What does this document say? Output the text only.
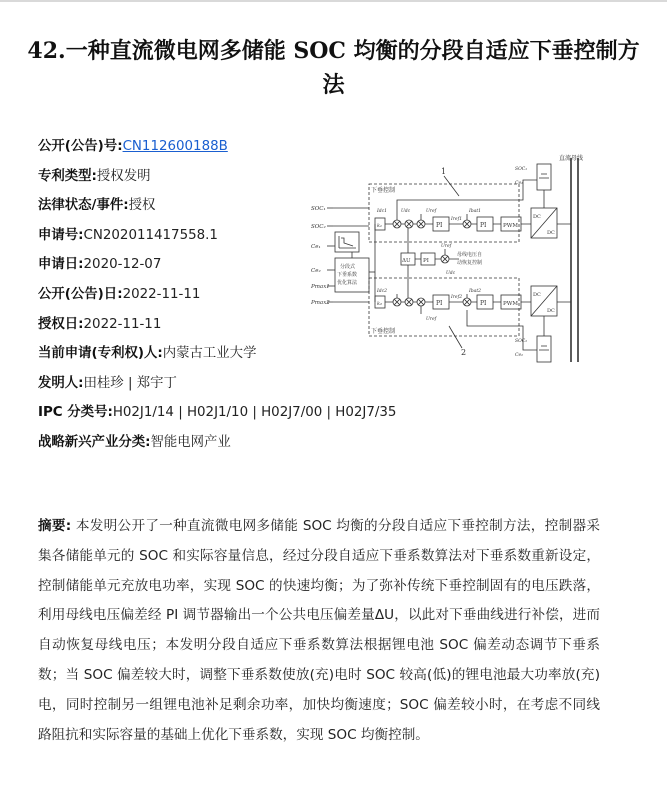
42.一种直流微电网多储能 SOC 均衡的分段自适应下垂控制方法
公开(公告)号:CN112600188B
专利类型:授权发明
法律状态/事件:授权
申请号:CN202011417558.1
申请日:2020-12-07
公开(公告)日:2022-11-11
授权日:2022-11-11
当前申请(专利权)人:内蒙古工业大学
发明人:田桂珍 | 郑宇丁
IPC 分类号:H02J1/14 | H02J1/10 | H02J7/00 | H02J7/35
战略新兴产业分类:智能电网产业
直流母线
下垂控制
下垂控制
1
2
SOC₁
SOC₂
Ce₁
Ce₂
Pmax1
Pmax2
分段式
下垂系数
优化算法
k₁	PI	PI	PWM
Idc1	Udc	Uref
Iref1
Ibat1
k₂	PI	PI	PWM
Idc2
Uref
Iref2
Ibat2
ΔU PI
Uref
母线电压自
动恢复控制
Udc
DC
DC
DC
DC
SOC₁
Ce₁
SOC₂
Ce₂
摘要: 本发明公开了一种直流微电网多储能 SOC 均衡的分段自适应下垂控制方法，控制器采集各储能单元的 SOC 和实际容量信息，经过分段自适应下垂系数算法对下垂系数重新设定，控制储能单元充放电功率，实现 SOC 的快速均衡；为了弥补传统下垂控制固有的电压跌落，利用母线电压偏差经 PI 调节器输出一个公共电压偏差量ΔU，以此对下垂曲线进行补偿，进而自动恢复母线电压；本发明分段自适应下垂系数算法根据锂电池 SOC 偏差动态调节下垂系数；当 SOC 偏差较大时，调整下垂系数使放(充)电时 SOC 较高(低)的锂电池最大功率放(充)电，同时控制另一组锂电池补足剩余功率，加快均衡速度；SOC 偏差较小时，在考虑不同线路阻抗和实际容量的基础上优化下垂系数，实现 SOC 均衡控制。
